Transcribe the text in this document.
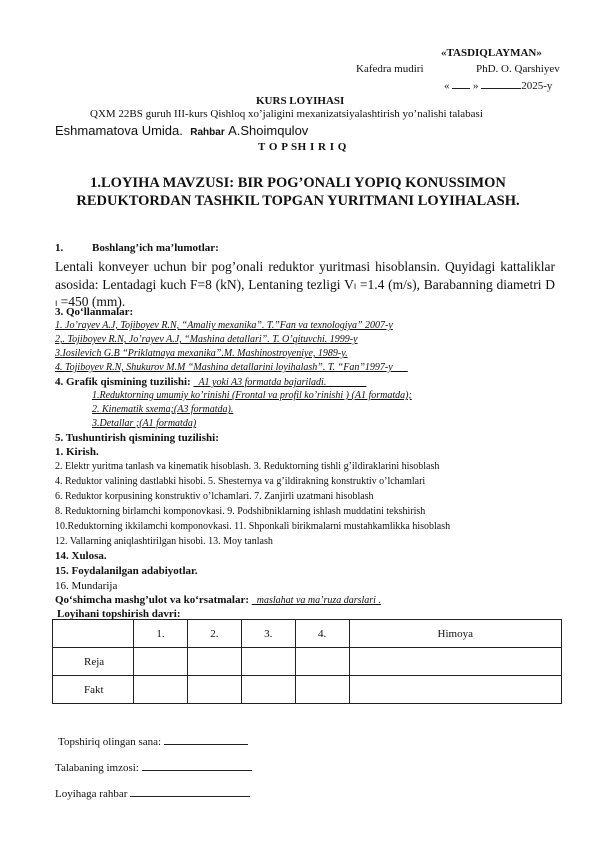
«TASDIQLAYMAN»
Kafedra mudiri	PhD. O. Qarshiyev
« »	2025-y
KURS LOYIHASI
QXM 22BS guruh III-kurs Qishloq xo’jaligini mexanizatsiyalashtirish yo’nalishi talabasi
Eshmamatova Umida. Rahbar A.Shoimqulov
T O P SH I R I Q
1.LOYIHA MAVZUSI: BIR POG’ONALI YOPIQ KONUSSIMON
REDUKTORDAN TASHKIL TOPGAN YURITMANI LOYIHALASH.
1.	Boshlang’ich ma’lumotlar:
Lentali konveyer uchun bir pog’onali reduktor yuritmasi hisoblansin. Quyidagi kattaliklar asosida: Lentadagi kuch F=8 (kN), Lentaning tezligi Vₗ =1.4 (m/s), Barabanning diametri D ₗ =450 (mm).
3. Qo‘llanmalar:
1. Jo’rayev A.J, Tojiboyev R.N, “Amaliy mexanika”. T.”Fan va texnologiya” 2007-y
2,. Tojiboyev R.N, Jo’rayev A.J, “Mashina detallari”. T. O’qituvchi. 1999-y
3.Iosilevich G.B “Priklatnaya mexanika”.M. Mashinostroyeniye, 1989-y.
4. Tojiboyev R.N, Shukurov M.M “Mashina detallarini loyihalash”. T. “Fan”1997-y___
4. Grafik qismining tuzilishi: _A1 yoki A3 formatda bajariladi.________
1.Reduktorning umumiy ko’rinishi (Frontal va profil ko’rinishi ) (A1 formatda);
2. Kinematik sxema;(A3 formatda).
3.Detallar ;(A1 formatda)
5. Tushuntirish qismining tuzilishi:
1. Kirish.
2. Elektr yuritma tanlash va kinematik hisoblash. 3. Reduktorning tishli g’ildiraklarini hisoblash
4. Reduktor valining dastlabki hisobi. 5. Shesternya va g’ildirakning konstruktiv o’lchamlari
6. Reduktor korpusining konstruktiv o’lchamlari. 7. Zanjirli uzatmani hisoblash
8. Reduktorning birlamchi komponovkasi. 9. Podshibniklarning ishlash muddatini tekshirish
10.Reduktorning ikkilamchi komponovkasi. 11. Shponkali birikmalarni mustahkamlikka hisoblash
12. Vallarning aniqlashtirilgan hisobi. 13. Moy tanlash
14. Xulosa.
15. Foydalanilgan adabiyotlar.
16. Mundarija
Qo‘shimcha mashg’ulot va ko‘rsatmalar: _maslahat va ma’ruza darslari .
Loyihani topshirish davri:
	1.	2.	3.	4.	Himoya
Reja					
Fakt					
Topshiriq olingan sana:
Talabaning imzosi:
Loyihaga rahbar
